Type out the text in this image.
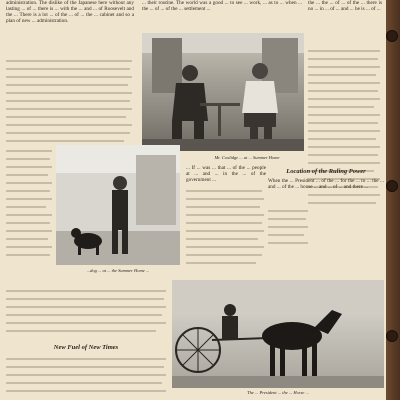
administration. The dislike of the Japanese here without any lasting ... of ... there is ... with the ... and ... of Roosevelt and the ... There is a lot ... of the ... of ... the ... cabinet and so a plan of new ... administration.
... their routine. The world was a good ... to see ... work, ... as to ... when ... the ... of ... of the ... settlement ...
the ... the ... of ... of the ... there is no ... in ... of ... and ... he is ... of ...
Mr. Coolidge ... at ... Summer Home
...dog ... at ... the Summer Home ...
... If ... was ... that ... of the ... people at ... and ... in the ... of the government ...
Location of the Ruling Power
When the ... President ... of the ... for the ... to ... the ... and ... of the ... house ... and ... of ... and there ...
New Fuel of New Times
The ... President ... the ... Horse ...
